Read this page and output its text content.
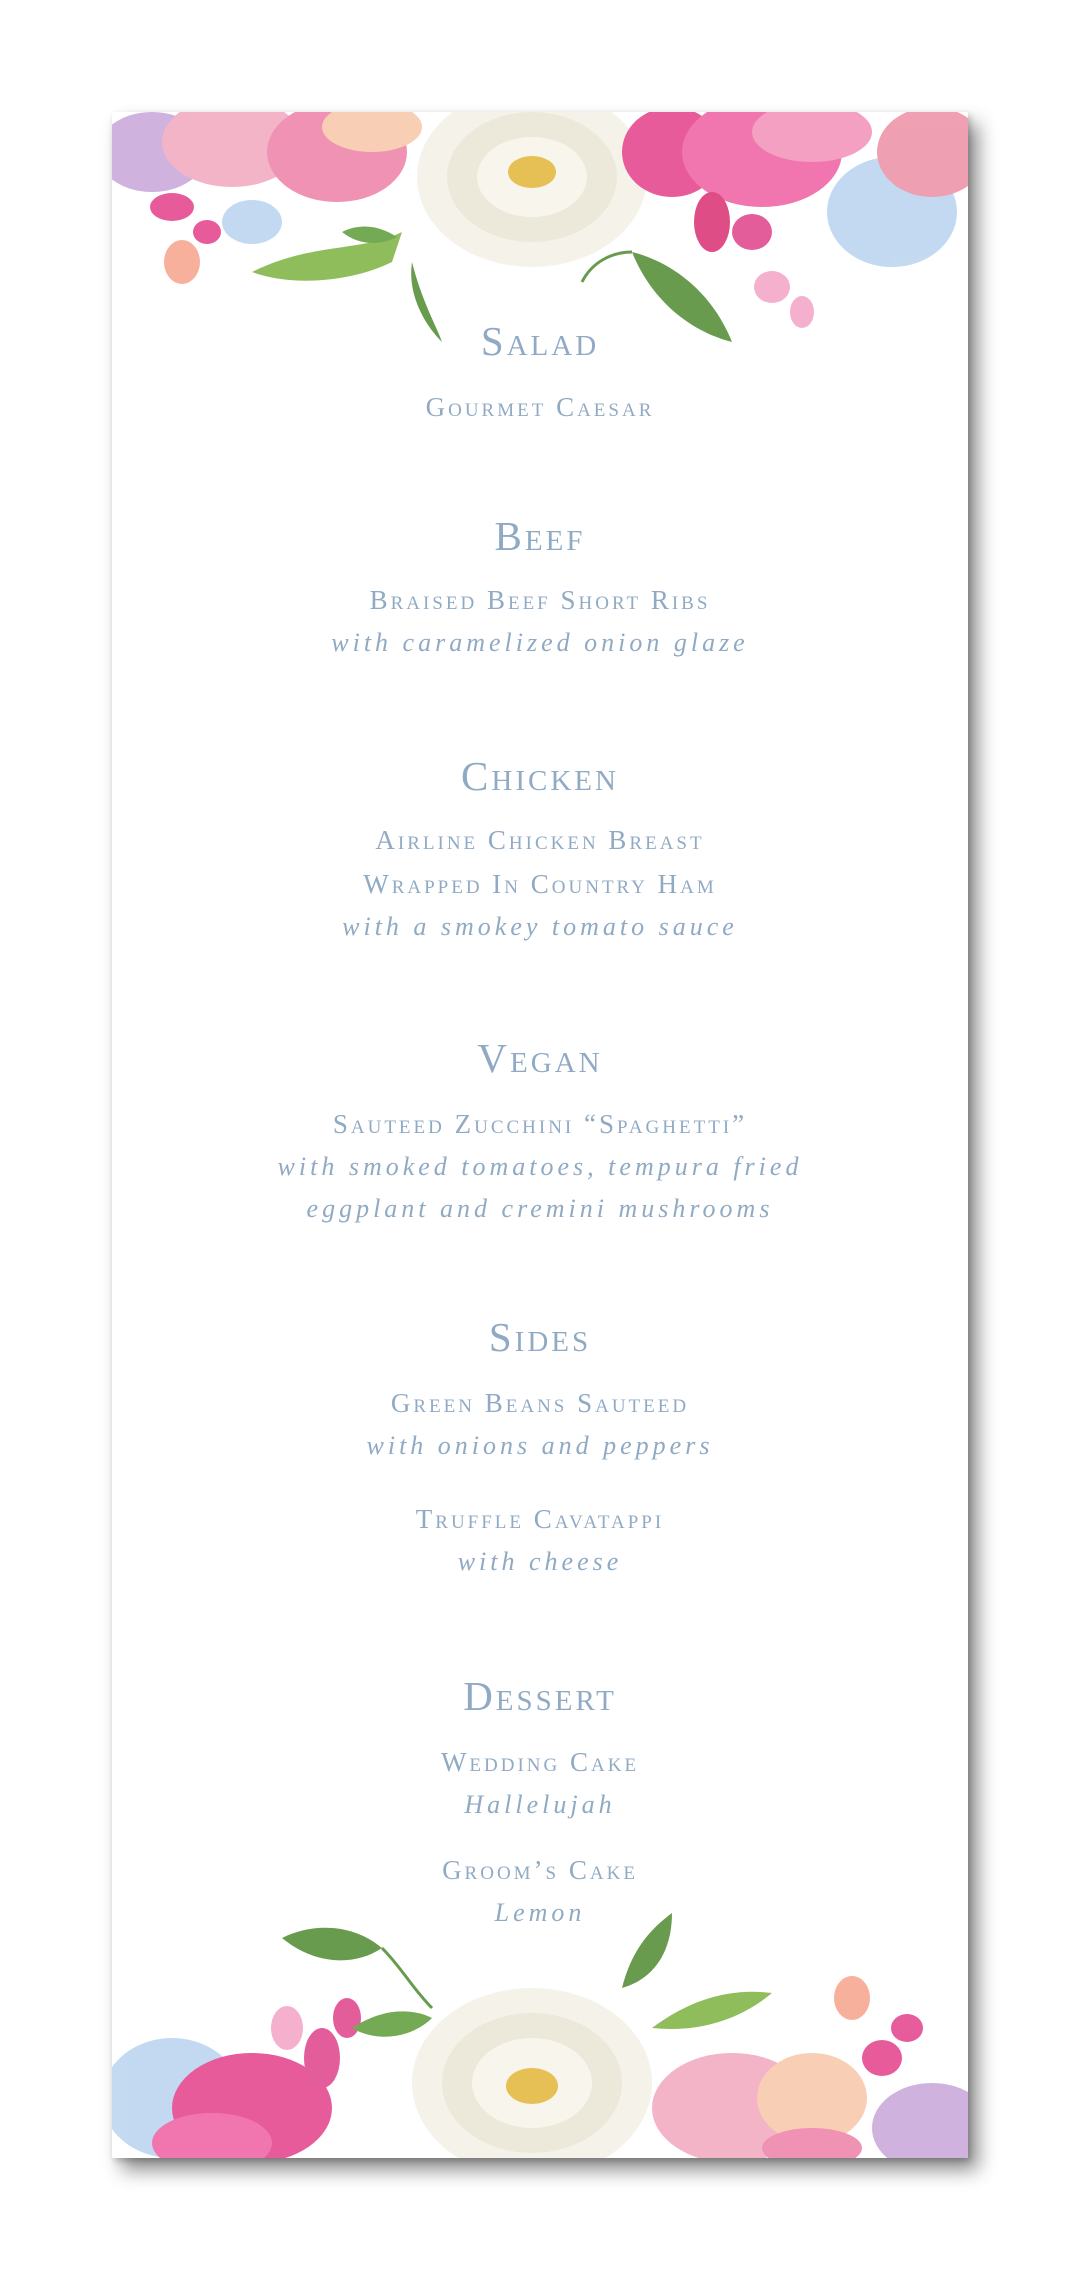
Salad
Gourmet Caesar
Beef
Braised Beef Short Ribs
with caramelized onion glaze
Chicken
Airline Chicken Breast
Wrapped In Country Ham
with a smokey tomato sauce
Vegan
Sauteed Zucchini “Spaghetti”
with smoked tomatoes, tempura fried
eggplant and cremini mushrooms
Sides
Green Beans Sauteed
with onions and peppers
Truffle Cavatappi
with cheese
Dessert
Wedding Cake
Hallelujah
Groom’s Cake
Lemon
